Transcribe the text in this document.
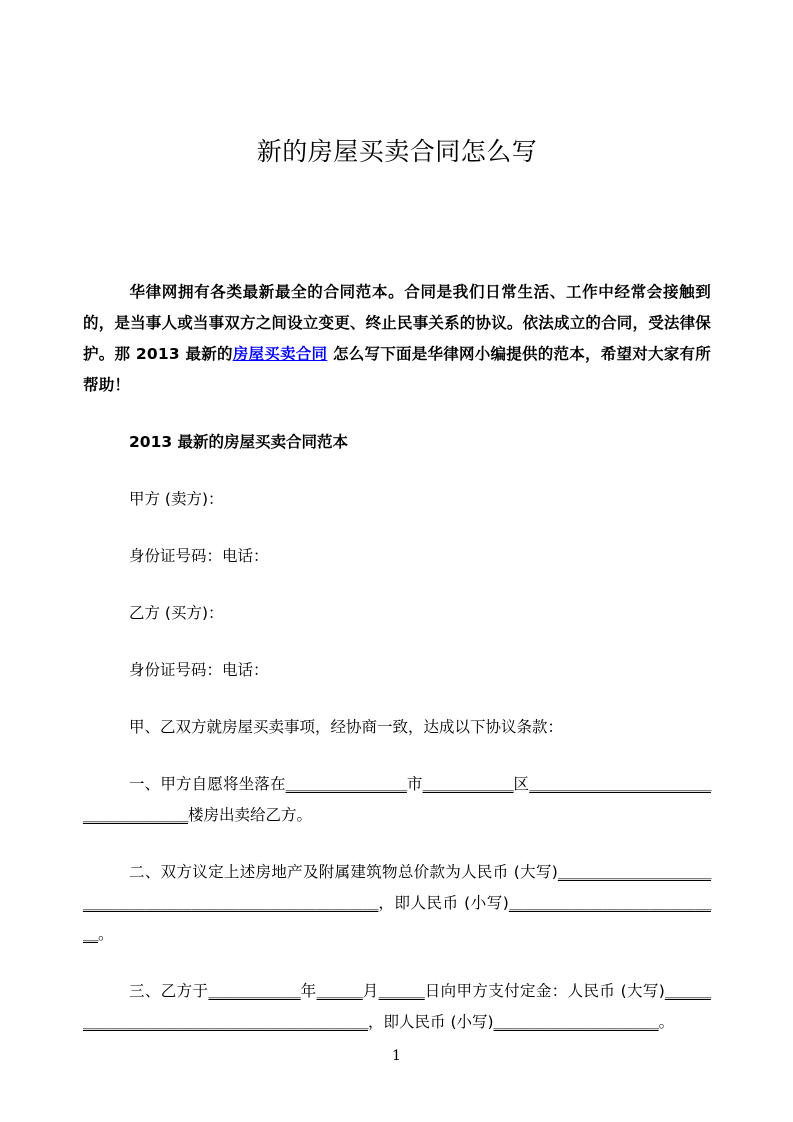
新的房屋买卖合同怎么写

华律网拥有各类最新最全的合同范本。合同是我们日常生活、工作中经常会接触到的，是当事人或当事双方之间设立变更、终止民事关系的协议。依法成立的合同，受法律保护。那 2013 最新的房屋买卖合同 怎么写下面是华律网小编提供的范本，希望对大家有所帮助！

2013 最新的房屋买卖合同范本

甲方 (卖方)：

身份证号码：电话：

乙方 (买方)：

身份证号码：电话：

甲、乙双方就房屋买卖事项，经协商一致，达成以下协议条款：

一、甲方自愿将坐落在＿＿＿＿＿＿＿＿市＿＿＿＿＿＿区＿＿＿＿＿＿＿＿＿＿＿＿＿＿＿＿＿＿＿楼房出卖给乙方。

二、双方议定上述房地产及附属建筑物总价款为人民币 (大写)＿＿＿＿＿＿＿＿＿＿＿＿＿＿＿＿＿＿＿＿＿＿＿＿＿＿＿＿＿，即人民币 (小写)＿＿＿＿＿＿＿＿＿＿＿＿＿＿。

三、乙方于＿＿＿＿＿＿年＿＿＿月＿＿＿日向甲方支付定金：人民币 (大写)＿＿＿＿＿＿＿＿＿＿＿＿＿＿＿＿＿＿＿＿＿＿，即人民币 (小写)＿＿＿＿＿＿＿＿＿＿＿。

1
